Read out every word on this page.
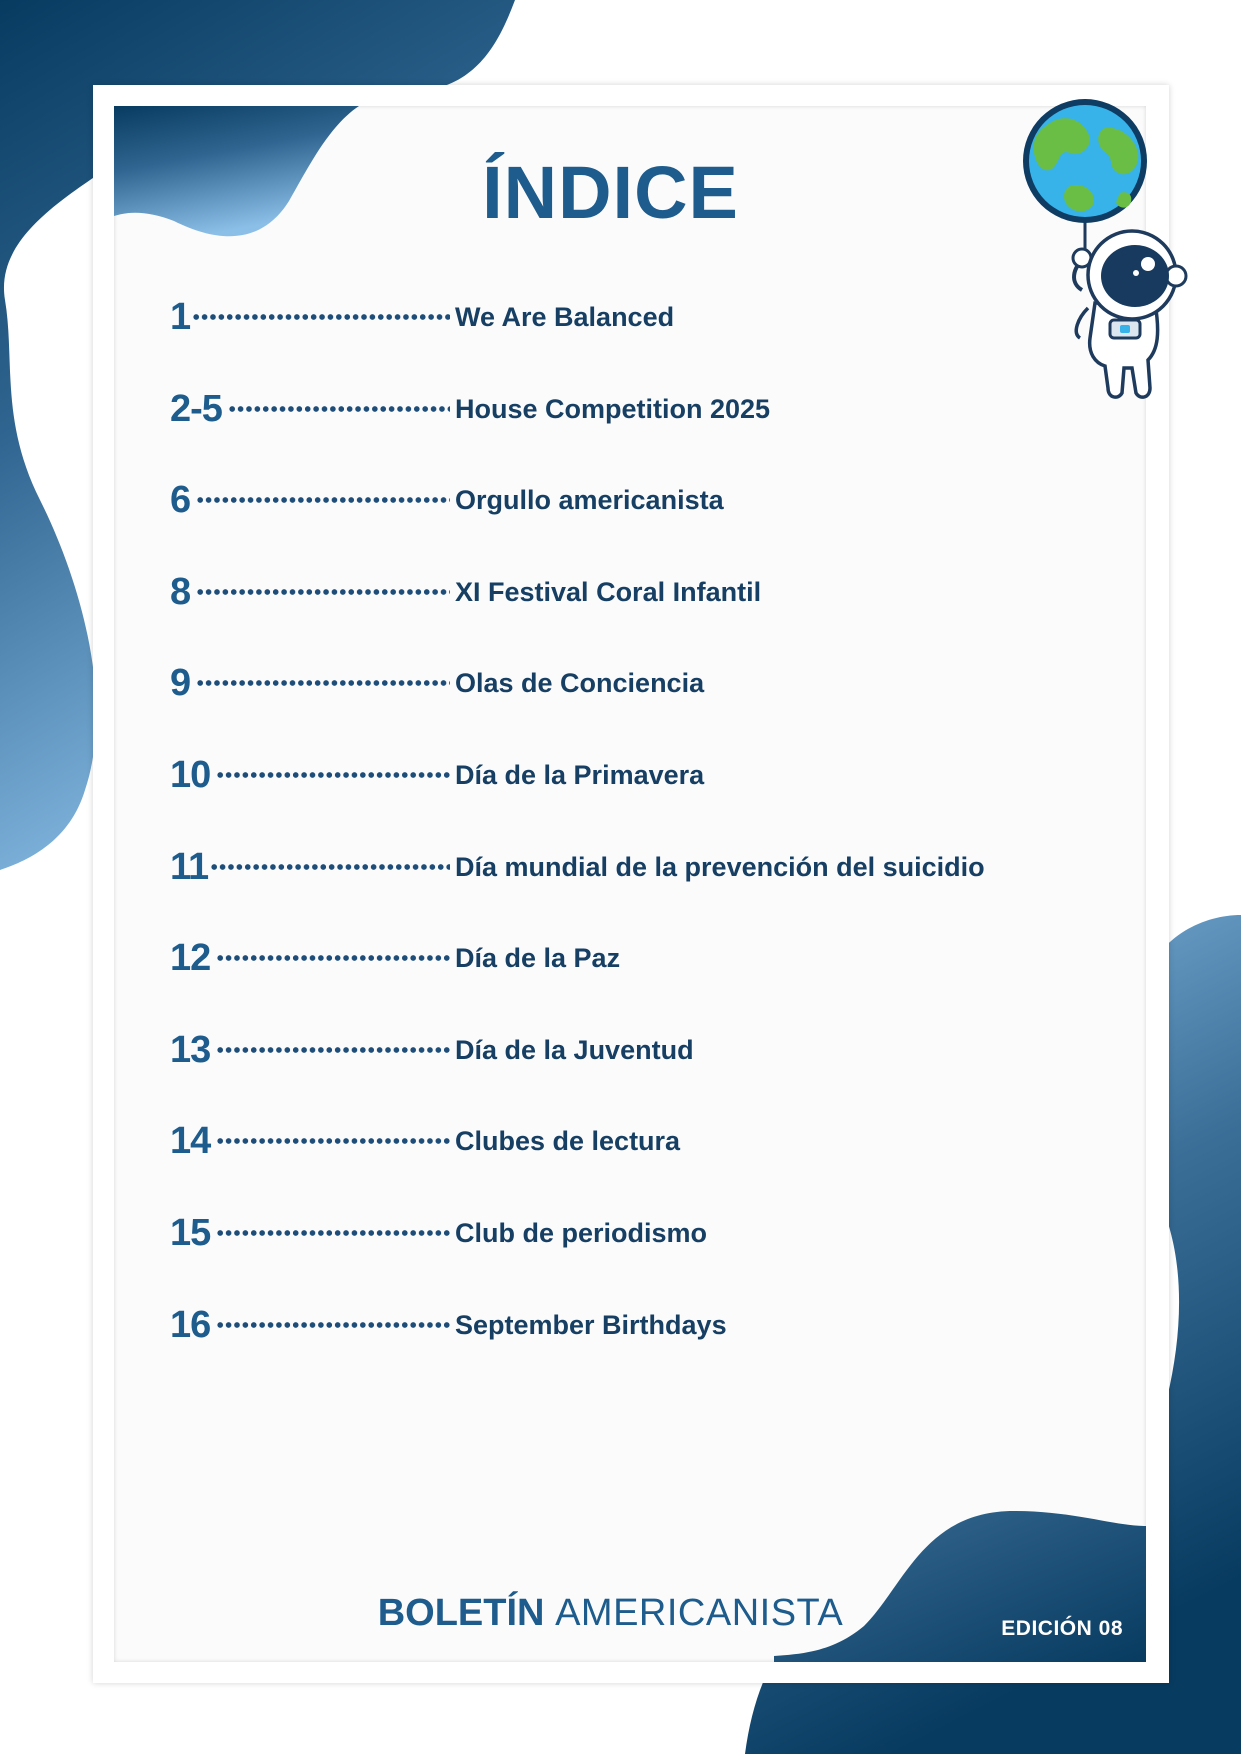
ÍNDICE
1	We Are Balanced
2-5	House Competition 2025
6	Orgullo americanista
8	XI Festival Coral Infantil
9	Olas de Conciencia
10	Día de la Primavera
11	Día mundial de la prevención del suicidio
12	Día de la Paz
13	Día de la Juventud
14	Clubes de lectura
15	Club de periodismo
16	September Birthdays
BOLETÍN AMERICANISTA	EDICIÓN 08
